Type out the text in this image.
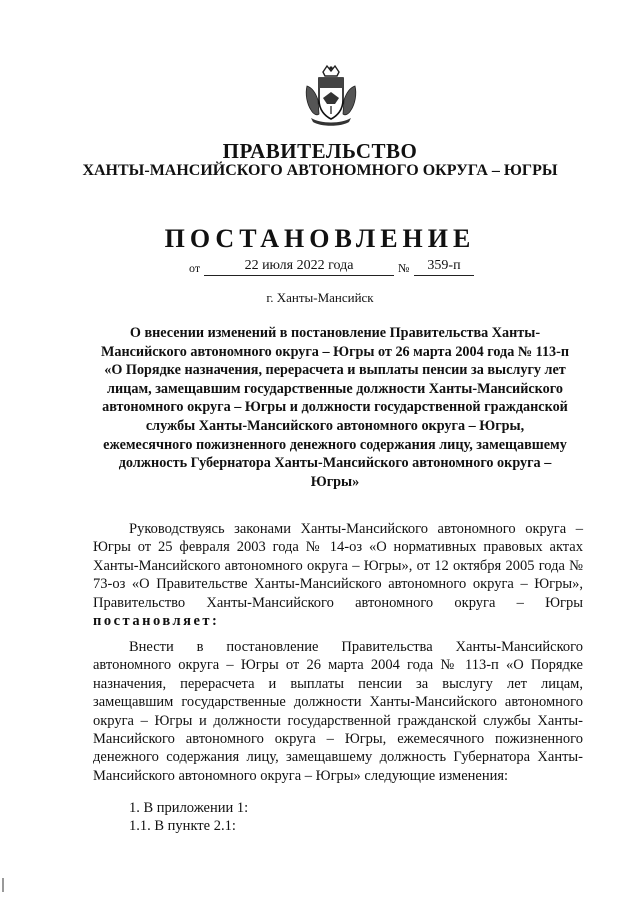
ПРАВИТЕЛЬСТВО
ХАНТЫ-МАНСИЙСКОГО АВТОНОМНОГО ОКРУГА – ЮГРЫ
ПОСТАНОВЛЕНИЕ
от	22 июля 2022 года	№	359-п
г. Ханты-Мансийск
О внесении изменений в постановление Правительства Ханты-Мансийского автономного округа – Югры от 26 марта 2004 года № 113-п «О Порядке назначения, перерасчета и выплаты пенсии за выслугу лет лицам, замещавшим государственные должности Ханты-Мансийского автономного округа – Югры и должности государственной гражданской службы Ханты-Мансийского автономного округа – Югры, ежемесячного пожизненного денежного содержания лицу, замещавшему должность Губернатора Ханты-Мансийского автономного округа – Югры»
Руководствуясь законами Ханты-Мансийского автономного округа – Югры от 25 февраля 2003 года № 14-оз «О нормативных правовых актах Ханты-Мансийского автономного округа – Югры», от 12 октября 2005 года № 73-оз «О Правительстве Ханты-Мансийского автономного округа – Югры», Правительство Ханты-Мансийского автономного округа – Югры постановляет:
Внести в постановление Правительства Ханты-Мансийского автономного округа – Югры от 26 марта 2004 года № 113-п «О Порядке назначения, перерасчета и выплаты пенсии за выслугу лет лицам, замещавшим государственные должности Ханты-Мансийского автономного округа – Югры и должности государственной гражданской службы Ханты-Мансийского автономного округа – Югры, ежемесячного пожизненного денежного содержания лицу, замещавшему должность Губернатора Ханты-Мансийского автономного округа – Югры» следующие изменения:
1. В приложении 1:
1.1. В пункте 2.1:
